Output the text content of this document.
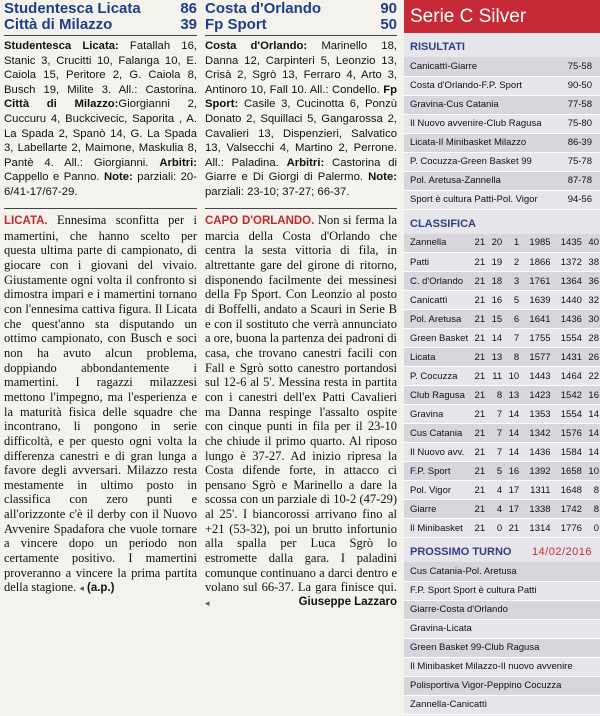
Studentesca Licata	86
Città di Milazzo	39
Studentesca Licata: Fatallah 16, Stanic 3, Crucitti 10, Falanga 10, E. Caiola 15, Peritore 2, G. Caiola 8, Busch 19, Milite 3. All.: Castorina. Città di Milazzo:Giorgianni 2, Cuccuru 4, Buckcivecic, Saporita , A. La Spada 2, Spanò 14, G. La Spada 3, Labellarte 2, Maimone, Maskulia 8, Pantè 4. All.: Giorgianni. Arbitri: Cappello e Panno. Note: parziali: 20-6/41-17/67-29.
LICATA. Ennesima sconfitta per i mamertini, che hanno scelto per questa ultima parte di campionato, di giocare con i giovani del vivaio. Giustamente ogni volta il confronto si dimostra impari e i mamertini tornano con l'ennesima cattiva figura. Il Licata che quest'anno sta disputando un ottimo campionato, con Busch e soci non ha avuto alcun problema, doppiando abbondantemente i mamertini. I ragazzi milazzesi mettono l'impegno, ma l'esperienza e la maturità fisica delle squadre che incontrano, li pongono in serie difficoltà, e per questo ogni volta la differenza canestri e di gran lunga a favore degli avversari. Milazzo resta mestamente in ultimo posto in classifica con zero punti e all'orizzonte c'è il derby con il Nuovo Avvenire Spadafora che vuole tornare a vincere dopo un periodo non certamente positivo. I mamertini proveranno a vincere la prima partita della stagione. ◂ (a.p.)
Costa d'Orlando	90
Fp Sport	50
Costa d'Orlando: Marinello 18, Danna 12, Carpinteri 5, Leonzio 13, Crisà 2, Sgrò 13, Ferraro 4, Arto 3, Antinoro 10, Fall 10. All.: Condello. Fp Sport: Casile 3, Cucinotta 6, Ponzù Donato 2, Squillaci 5, Gangarossa 2, Cavalieri 13, Dispenzieri, Salvatico 13, Valsecchi 4, Martino 2, Perrone. All.: Paladina. Arbitri: Castorina di Giarre e Di Giorgi di Palermo. Note: parziali: 23-10; 37-27; 66-37.
CAPO D'ORLANDO. Non si ferma la marcia della Costa d'Orlando che centra la sesta vittoria di fila, in altrettante gare del girone di ritorno, disponendo facilmente dei messinesi della Fp Sport. Con Leonzio al posto di Boffelli, andato a Scauri in Serie B e con il sostituto che verrà annunciato a ore, buona la partenza dei padroni di casa, che trovano canestri facili con Fall e Sgrò sotto canestro portandosi sul 12-6 al 5'. Messina resta in partita con i canestri dell'ex Patti Cavalieri ma Danna respinge l'assalto ospite con cinque punti in fila per il 23-10 che chiude il primo quarto. Al riposo lungo è 37-27. Ad inizio ripresa la Costa difende forte, in attacco ci pensano Sgrò e Marinello a dare la scossa con un parziale di 10-2 (47-29) al 25'. I biancorossi arrivano fino al +21 (53-32), poi un brutto infortunio alla spalla per Luca Sgrò lo estromette dalla gara. I paladini comunque continuano a darci dentro e volano sul 66-37. La gara finisce qui. ◂	Giuseppe Lazzaro
Serie C Silver
RISULTATI
Canicattì-Giarre	75-58
Costa d'Orlando-F.P. Sport	90-50
Gravina-Cus Catania	77-58
Il Nuovo avvenire-Club Ragusa	75-80
Licata-Il Minibasket Milazzo	86-39
P. Cocuzza-Green Basket 99	75-78
Pol. Aretusa-Zannella	87-78
Sport è cultura Patti-Pol. Vigor	94-56
CLASSIFICA
Zannella	21	20	1	1985	1435	40
Patti	21	19	2	1866	1372	38
C. d'Orlando	21	18	3	1761	1364	36
Canicattì	21	16	5	1639	1440	32
Pol. Aretusa	21	15	6	1641	1436	30
Green Basket	21	14	7	1755	1554	28
Licata	21	13	8	1577	1431	26
P. Cocuzza	21	11	10	1443	1464	22
Club Ragusa	21	8	13	1423	1542	16
Gravina	21	7	14	1353	1554	14
Cus Catania	21	7	14	1342	1576	14
Il Nuovo avv.	21	7	14	1436	1584	14
F.P. Sport	21	5	16	1392	1658	10
Pol. Vigor	21	4	17	1311	1648	8
Giarre	21	4	17	1338	1742	8
Il Minibasket	21	0	21	1314	1776	0
PROSSIMO TURNO 14/02/2016
Cus Catania-Pol. Aretusa
F.P. Sport Sport è cultura Patti
Giarre-Costa d'Orlando
Gravina-Licata
Green Basket 99-Club Ragusa
Il Minibasket Milazzo-Il nuovo avvenire
Polisportiva Vigor-Peppino Cocuzza
Zannella-Canicattì
